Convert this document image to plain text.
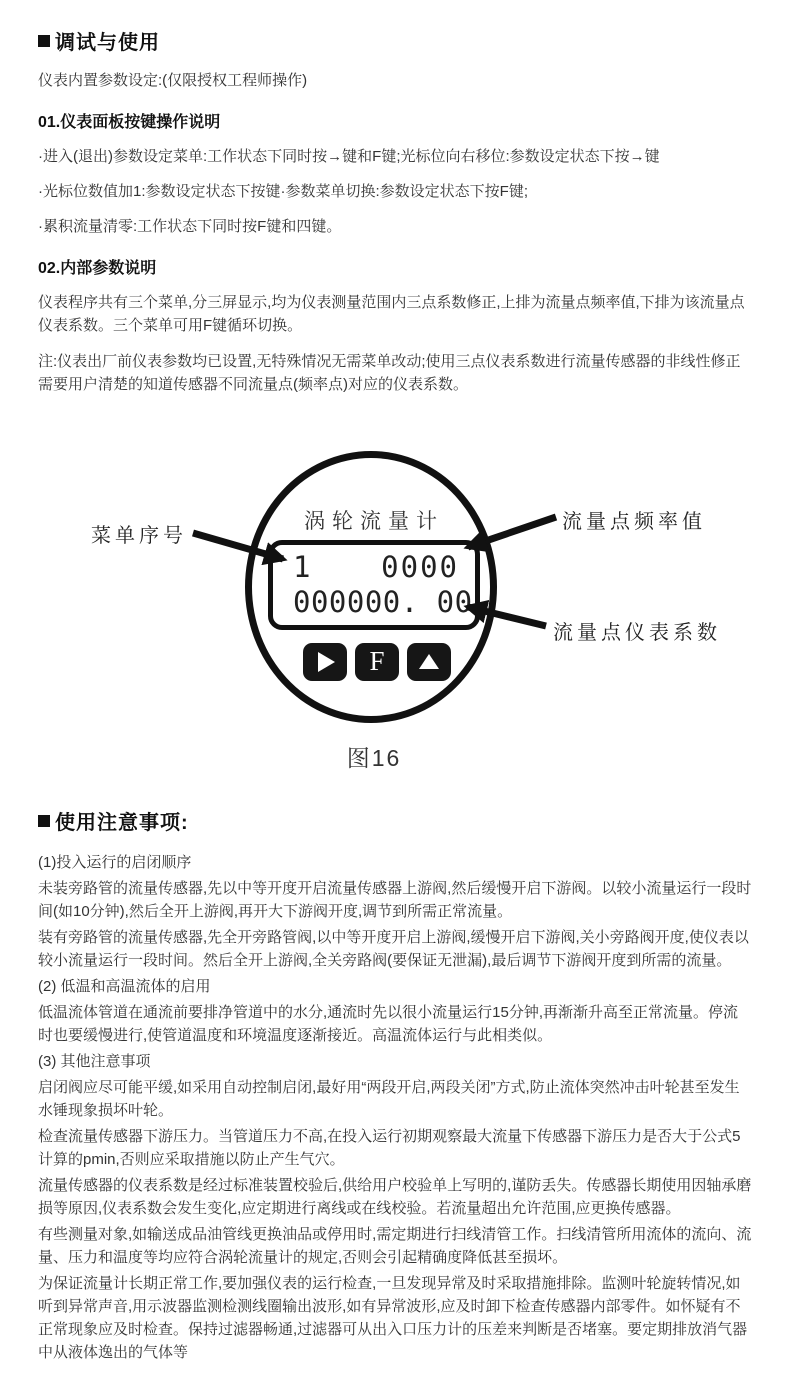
调试与使用

仪表内置参数设定:(仅限授权工程师操作)

01.仪表面板按键操作说明

·进入(退出)参数设定菜单:工作状态下同时按→键和F键;光标位向右移位:参数设定状态下按→键

·光标位数值加1:参数设定状态下按键·参数菜单切换:参数设定状态下按F键;

·累积流量清零:工作状态下同时按F键和四键。

02.内部参数说明

仪表程序共有三个菜单,分三屏显示,均为仪表测量范围内三点系数修正,上排为流量点频率值,下排为该流量点仪表系数。三个菜单可用F键循环切换。

注:仪表出厂前仪表参数均已设置,无特殊情况无需菜单改动;使用三点仪表系数进行流量传感器的非线性修正需要用户清楚的知道传感器不同流量点(频率点)对应的仪表系数。

涡轮流量计
1 0000
000000. 00
F
菜单序号
流量点频率值
流量点仪表系数
图16
使用注意事项:

(1)投入运行的启闭顺序

未装旁路管的流量传感器,先以中等开度开启流量传感器上游阀,然后缓慢开启下游阀。以较小流量运行一段时间(如10分钟),然后全开上游阀,再开大下游阀开度,调节到所需正常流量。

装有旁路管的流量传感器,先全开旁路管阀,以中等开度开启上游阀,缓慢开启下游阀,关小旁路阀开度,使仪表以较小流量运行一段时间。然后全开上游阀,全关旁路阀(要保证无泄漏),最后调节下游阀开度到所需的流量。

(2) 低温和高温流体的启用

低温流体管道在通流前要排净管道中的水分,通流时先以很小流量运行15分钟,再渐渐升高至正常流量。停流时也要缓慢进行,使管道温度和环境温度逐渐接近。高温流体运行与此相类似。

(3) 其他注意事项

启闭阀应尽可能平缓,如采用自动控制启闭,最好用“两段开启,两段关闭”方式,防止流体突然冲击叶轮甚至发生水锤现象损坏叶轮。

检查流量传感器下游压力。当管道压力不高,在投入运行初期观察最大流量下传感器下游压力是否大于公式5计算的pmin,否则应采取措施以防止产生气穴。

流量传感器的仪表系数是经过标准装置校验后,供给用户校验单上写明的,谨防丢失。传感器长期使用因轴承磨损等原因,仪表系数会发生变化,应定期进行离线或在线校验。若流量超出允许范围,应更换传感器。

有些测量对象,如输送成品油管线更换油品或停用时,需定期进行扫线清管工作。扫线清管所用流体的流向、流量、压力和温度等均应符合涡轮流量计的规定,否则会引起精确度降低甚至损坏。

为保证流量计长期正常工作,要加强仪表的运行检查,一旦发现异常及时采取措施排除。监测叶轮旋转情况,如听到异常声音,用示波器监测检测线圈输出波形,如有异常波形,应及时卸下检查传感器内部零件。如怀疑有不正常现象应及时检查。保持过滤器畅通,过滤器可从出入口压力计的压差来判断是否堵塞。要定期排放消气器中从液体逸出的气体等
